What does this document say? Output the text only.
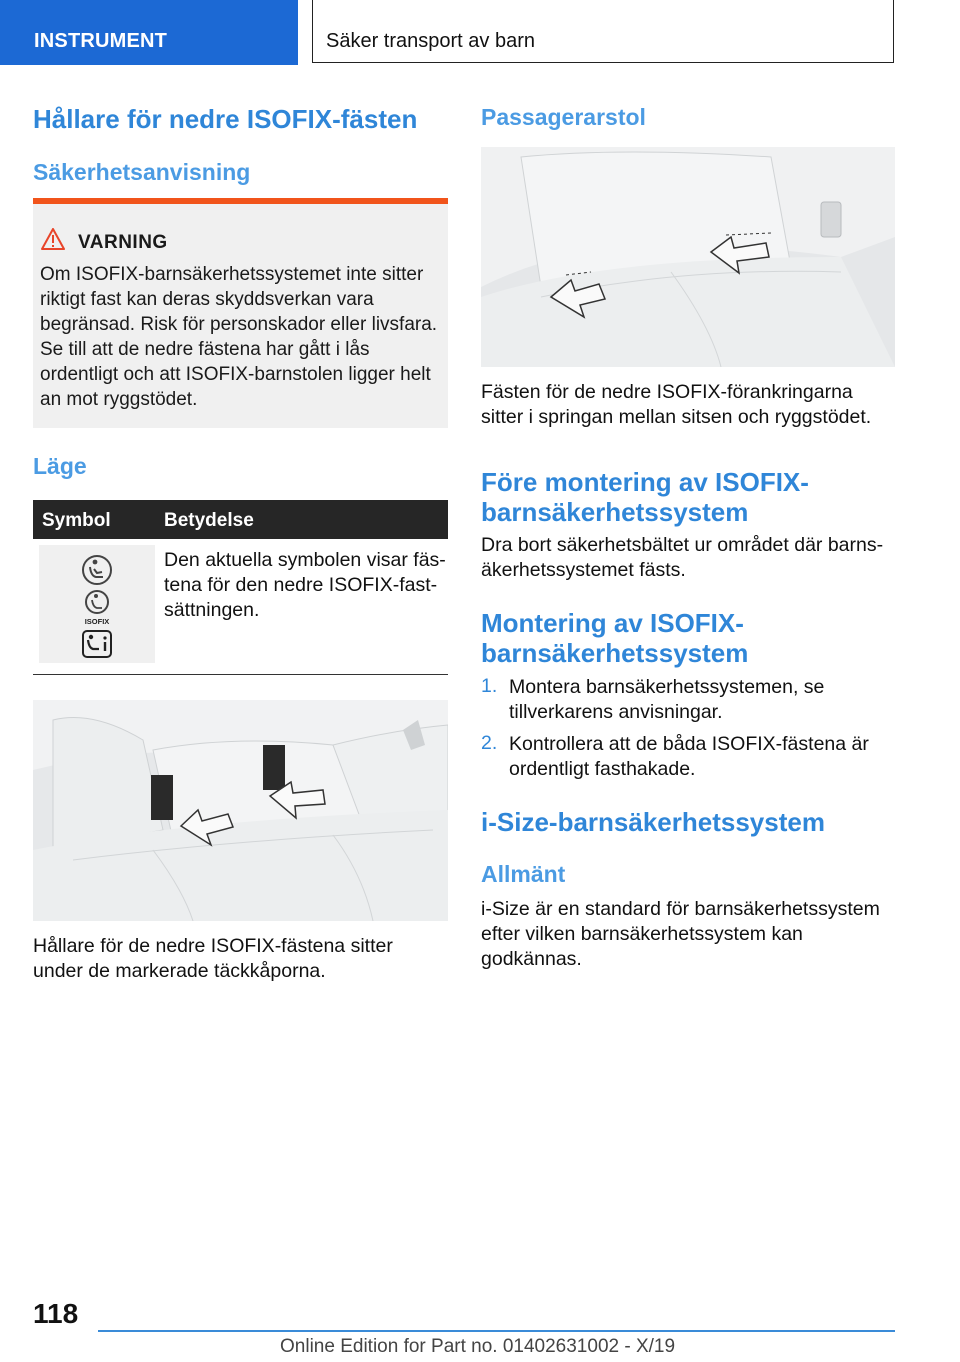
INSTRUMENT	Säker transport av barn
Hållare för nedre ISOFIX-fästen
Säkerhetsanvisning
VARNING
Om ISOFIX-barnsäkerhetssystemet inte sitter riktigt fast kan deras skyddsverkan vara begränsad. Risk för personskador eller livsfara. Se till att de nedre fästena har gått i lås ordentligt och att ISOFIX-barnstolen ligger helt an mot ryggstödet.
Läge
Symbol	Betydelse
ISOFIX
Den aktuella symbolen visar fästena för den nedre ISOFIX-fastsättningen.
Hållare för de nedre ISOFIX-fästena sitter under de markerade täckkåporna.
Passagerarstol
Fästen för de nedre ISOFIX-förankringarna sitter i springan mellan sitsen och ryggstödet.
Före montering av ISOFIX-
barnsäkerhetssystem
Dra bort säkerhetsbältet ur området där barnsäkerhetssystemet fästs.
Montering av ISOFIX-
barnsäkerhetssystem
1. Montera barnsäkerhetssystemen, se tillverkarens anvisningar.
2. Kontrollera att de båda ISOFIX-fästena är ordentligt fasthakade.
i-Size-barnsäkerhetssystem
Allmänt
i-Size är en standard för barnsäkerhetssystem efter vilken barnsäkerhetssystem kan godkännas.
118
Online Edition for Part no. 01402631002 - X/19
